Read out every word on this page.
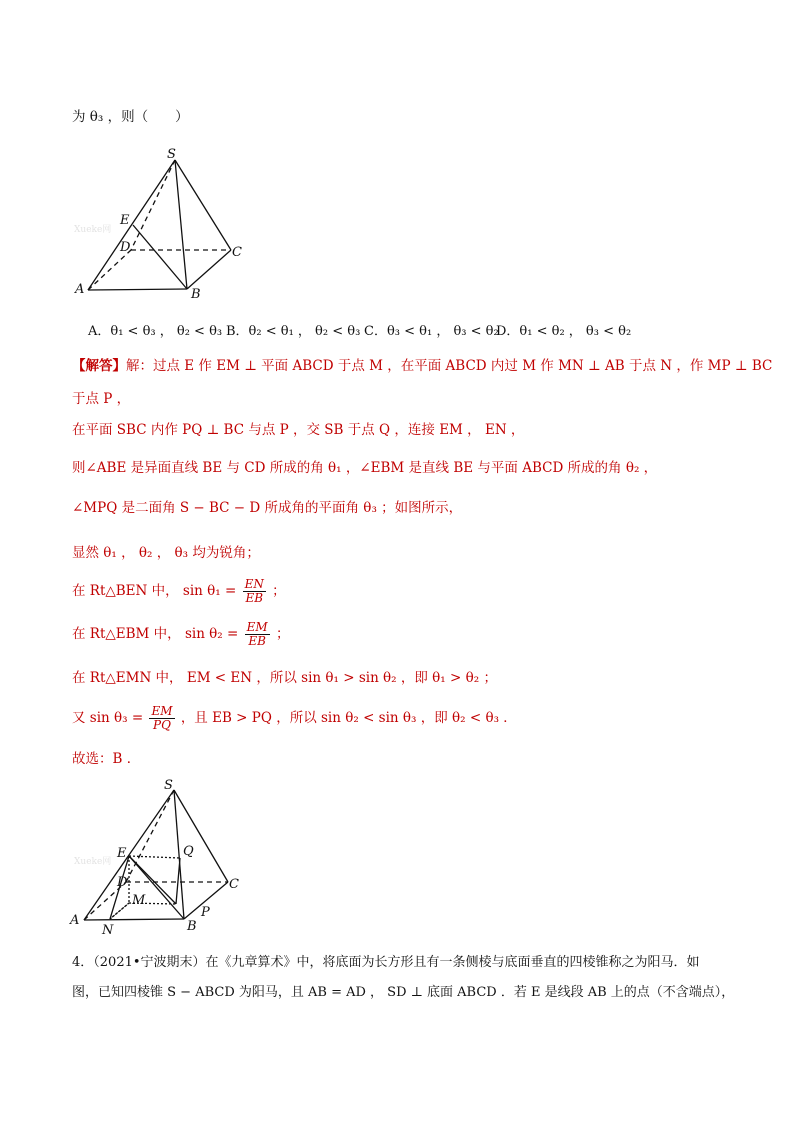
为 θ₃ ，则（　　）
S
E
D	C
A	B
Xueke网
S
E	Q
D	C
M
A
N	B
P
Xueke网
A．θ₁ < θ₃ ， θ₂ < θ₃ B．θ₂ < θ₁ ， θ₂ < θ₃ C．θ₃ < θ₁ ， θ₃ < θ₂
D．θ₁ < θ₂ ， θ₃ < θ₂
【解答】解：过点 E 作 EM ⊥ 平面 ABCD 于点 M ，在平面 ABCD 内过 M 作 MN ⊥ AB 于点 N ，作 MP ⊥ BC
于点 P ，
在平面 SBC 内作 PQ ⊥ BC 与点 P ，交 SB 于点 Q ，连接 EM ， EN ，
则∠ABE 是异面直线 BE 与 CD 所成的角 θ₁ ，∠EBM 是直线 BE 与平面 ABCD 所成的角 θ₂ ，
∠MPQ 是二面角 S − BC − D 所成角的平面角 θ₃ ；如图所示，
显然 θ₁ ， θ₂ ， θ₃ 均为锐角；
在 Rt△BEN 中， $\sin \theta_1 = \frac{EN}{EB}$ ；
在 Rt△EBM 中， $\sin \theta_2 = \frac{EM}{EB}$ ；
在 Rt△EMN 中， EM < EN ，所以 sin θ₁ > sin θ₂ ，即 θ₁ > θ₂ ；
又 $\sin \theta_3 = \frac{EM}{PQ}$ ，且 EB > PQ ，所以 sin θ₂ < sin θ₃ ，即 θ₂ < θ₃ ．
故选：B ．
4．（2021•宁波期末）在《九章算术》中，将底面为长方形且有一条侧棱与底面垂直的四棱锥称之为阳马．如
图，已知四棱锥 S − ABCD 为阳马，且 AB = AD ， SD ⊥ 底面 ABCD ．若 E 是线段 AB 上的点（不含端点），
